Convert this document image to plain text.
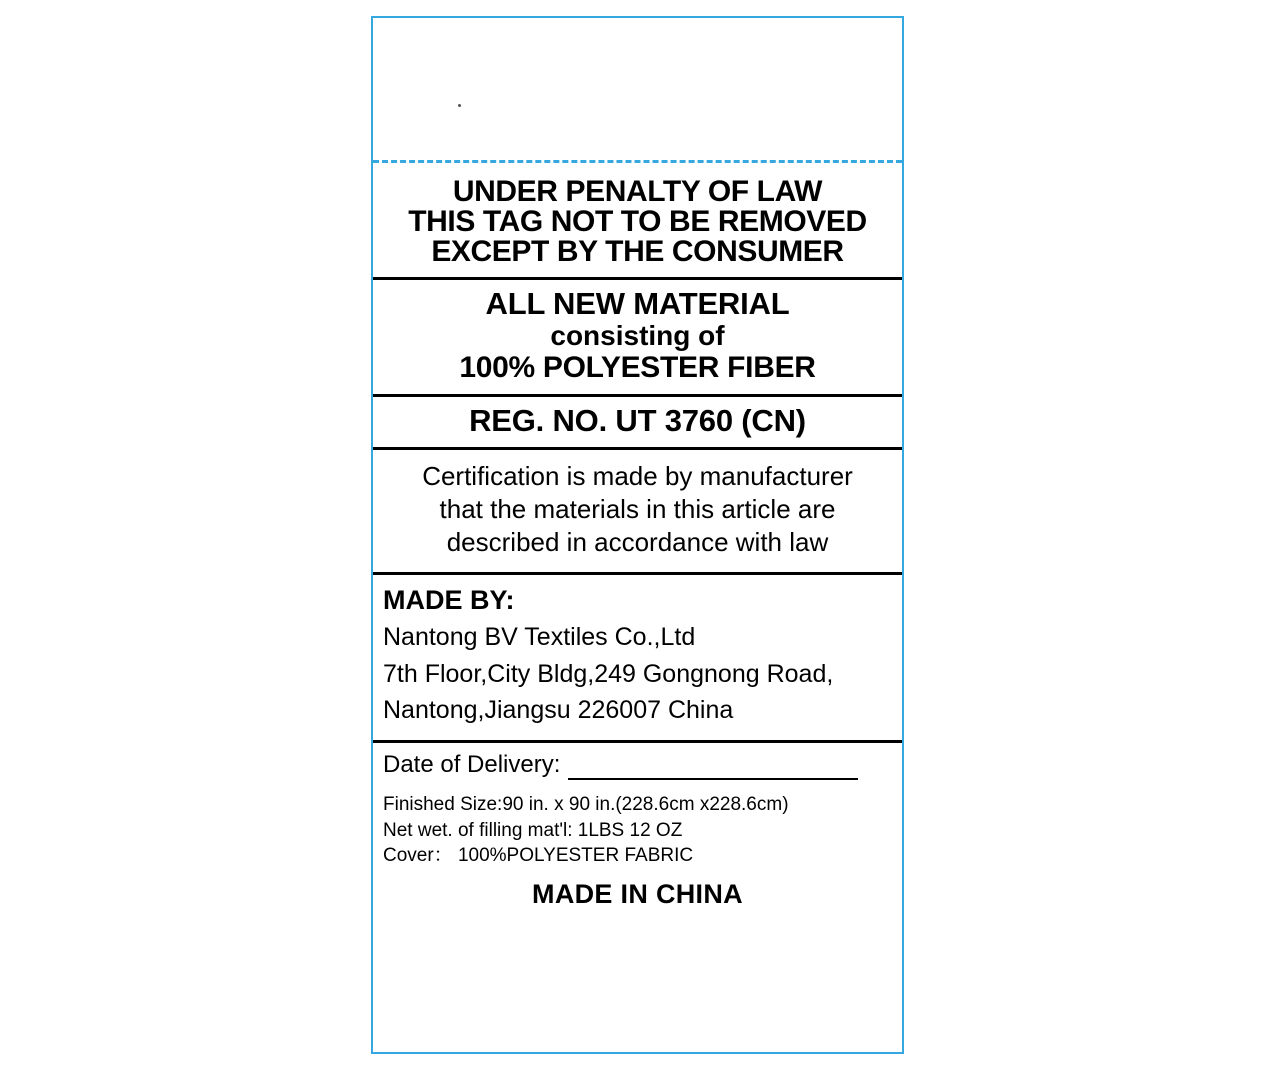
UNDER PENALTY OF LAW
THIS TAG NOT TO BE REMOVED
EXCEPT BY THE CONSUMER
ALL NEW MATERIAL
consisting of
100% POLYESTER FIBER
REG. NO. UT 3760 (CN)
Certification is made by manufacturer
that the materials in this article are
described in accordance with law
MADE BY:
Nantong BV Textiles Co.,Ltd
7th Floor,City Bldg,249 Gongnong Road,
Nantong,Jiangsu 226007 China
Date of Delivery:
Finished Size:90 in. x 90 in.(228.6cm x228.6cm)
Net wet. of filling mat'l: 1LBS 12 OZ
Cover： 100%POLYESTER FABRIC
MADE IN CHINA
